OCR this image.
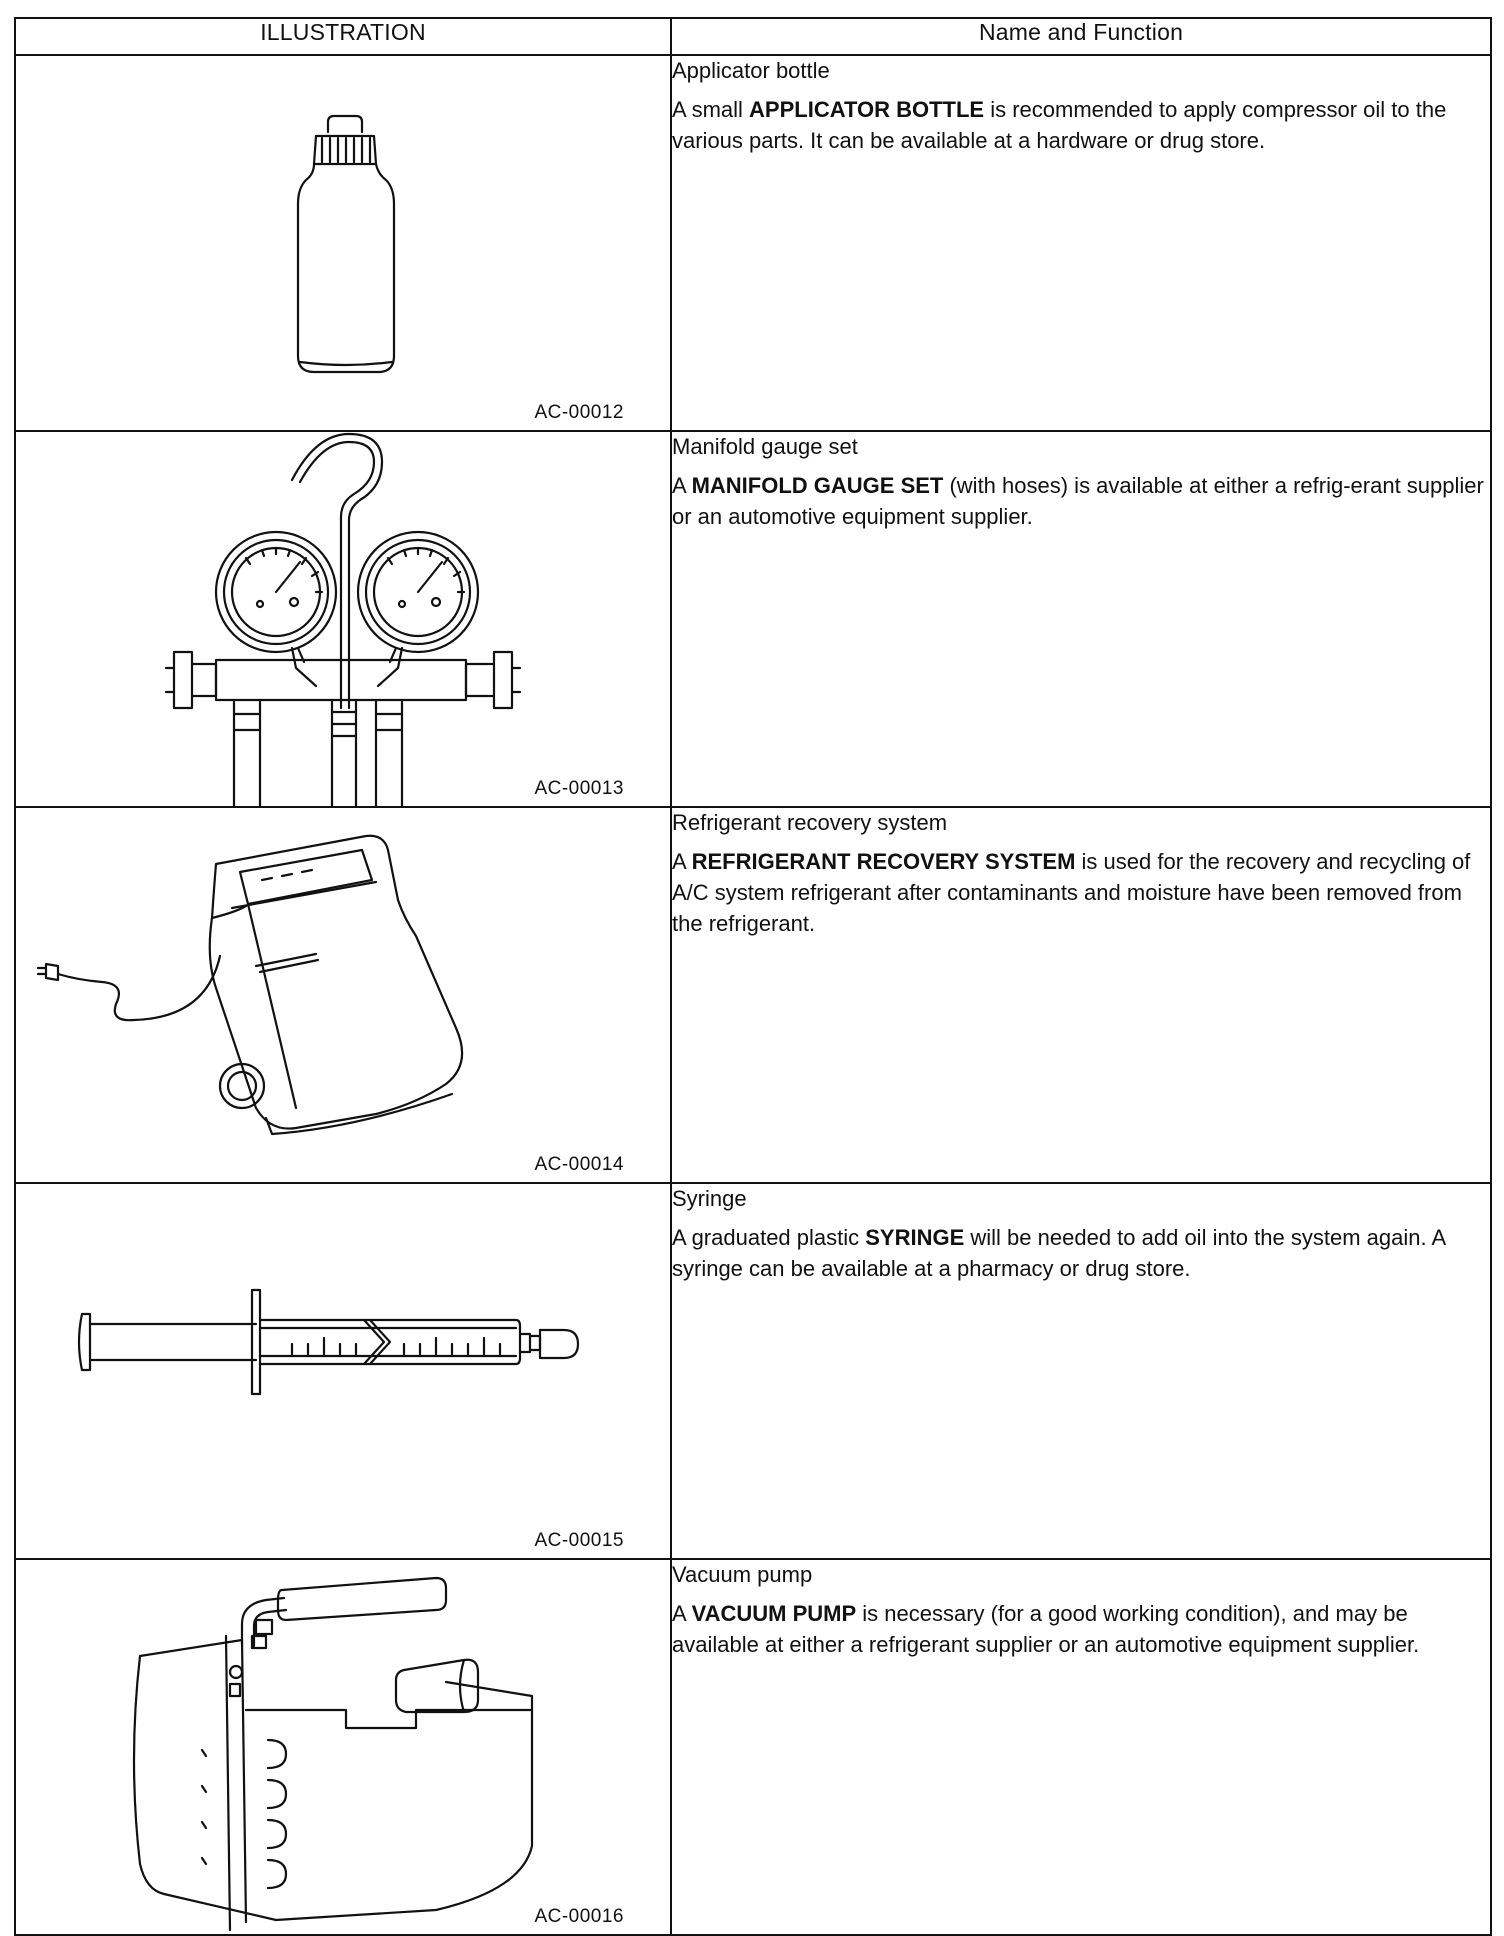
ILLUSTRATION	Name and Function

AC-00012	Applicator bottle

A small APPLICATOR BOTTLE is recommended to apply compressor oil to the various parts. It can be available at a hardware or drug store.

AC-00013	Manifold gauge set

A MANIFOLD GAUGE SET (with hoses) is available at either a refrig-erant supplier or an automotive equipment supplier.

AC-00014	Refrigerant recovery system

A REFRIGERANT RECOVERY SYSTEM is used for the recovery and recycling of A/C system refrigerant after contaminants and moisture have been removed from the refrigerant.

AC-00015	Syringe

A graduated plastic SYRINGE will be needed to add oil into the system again. A syringe can be available at a pharmacy or drug store.

AC-00016	Vacuum pump

A VACUUM PUMP is necessary (for a good working condition), and may be available at either a refrigerant supplier or an automotive equipment supplier.
